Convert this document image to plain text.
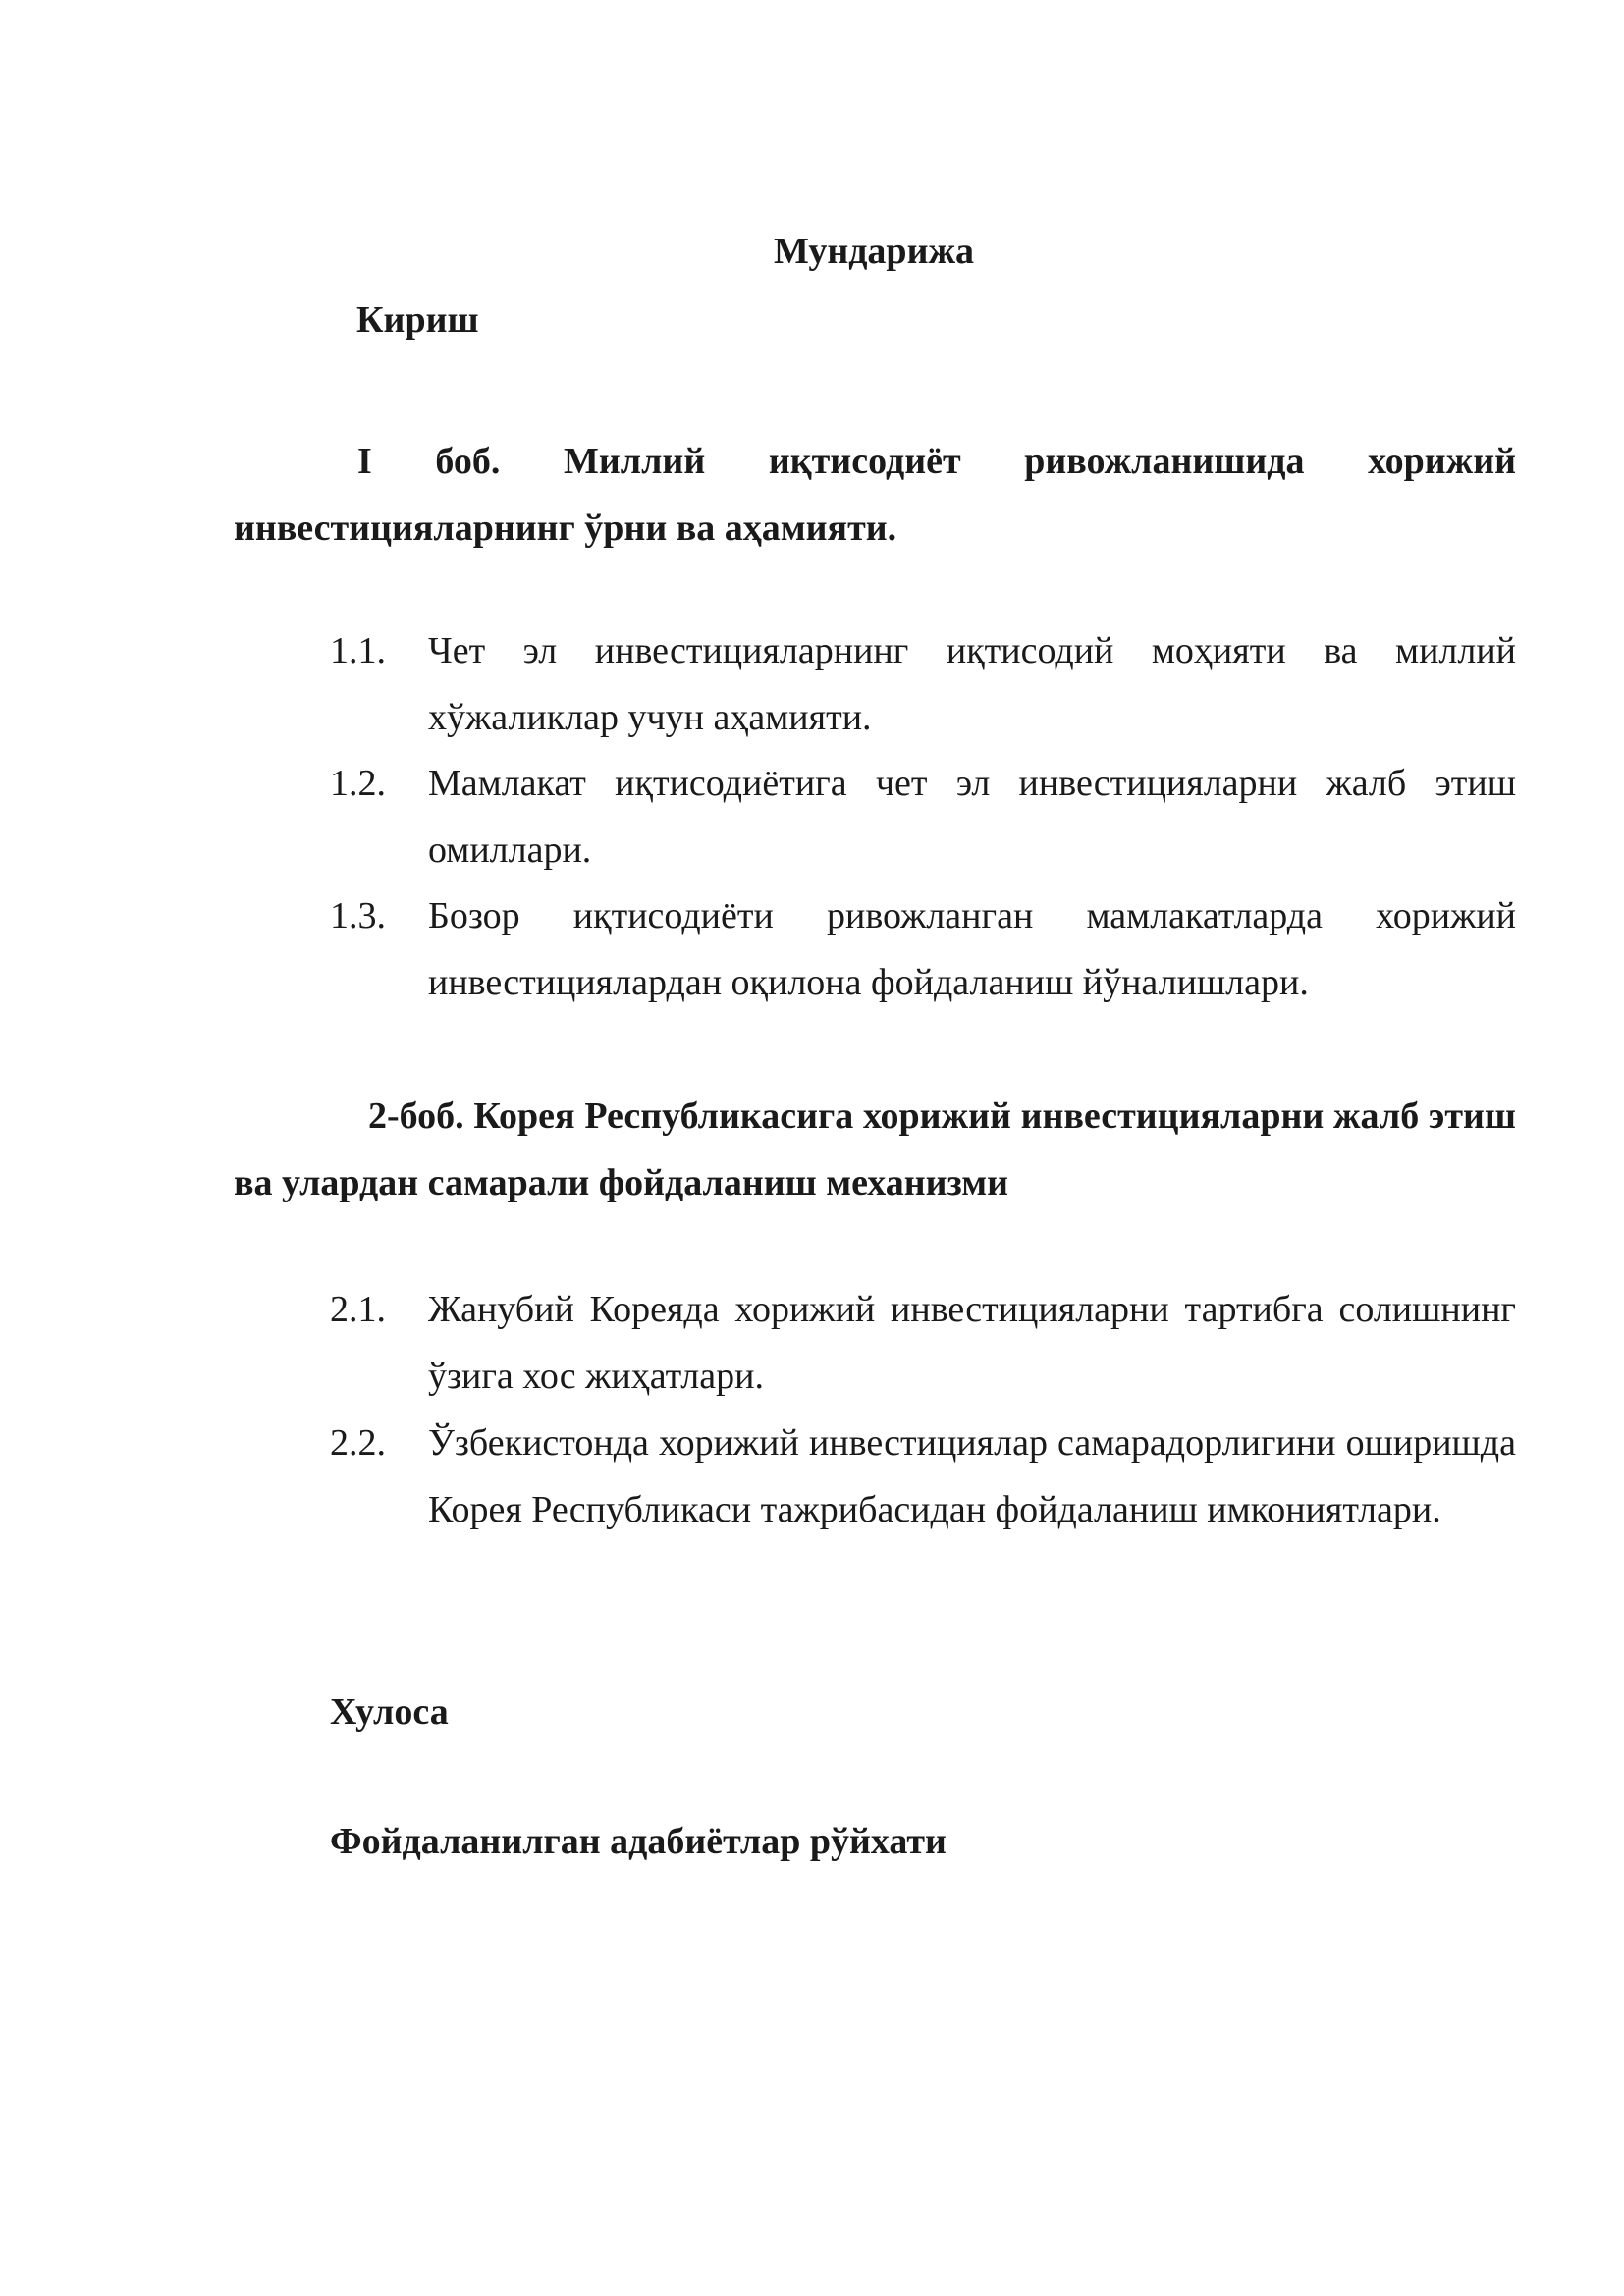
Мундарижа
Кириш
I боб. Миллий иқтисодиёт ривожланишида хорижий инвестицияларнинг ўрни ва аҳамияти.
1.1. Чет эл инвестицияларнинг иқтисодий моҳияти ва миллий хўжаликлар учун аҳамияти.
1.2. Мамлакат иқтисодиётига чет эл инвестицияларни жалб этиш омиллари.
1.3. Бозор иқтисодиёти ривожланган мамлакатларда хорижий инвестициялардан оқилона фойдаланиш йўналишлари.
2-боб. Корея Республикасига хорижий инвестицияларни жалб этиш ва улардан самарали фойдаланиш механизми
2.1. Жанубий Кореяда хорижий инвестицияларни тартибга солишнинг ўзига хос жиҳатлари.
2.2. Ўзбекистонда хорижий инвестициялар самарадорлигини оширишда Корея Республикаси тажрибасидан фойдаланиш имкониятлари.
Хулоса
Фойдаланилган адабиётлар рўйхати
